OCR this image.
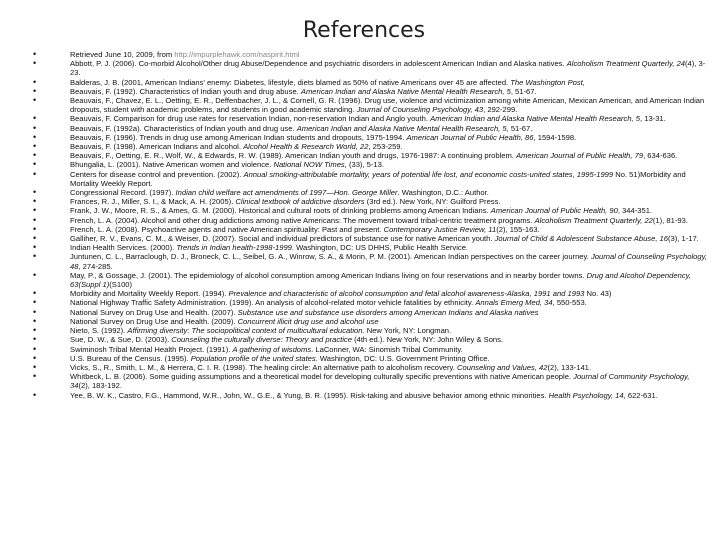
References
•	Retrieved June 10, 2009, from http://impurplehawk.com/naspirit.html
•	Abbott, P. J. (2006). Co-morbid Alcohol/Other drug Abuse/Dependence and psychiatric disorders in adolescent American Indian and Alaska natives. Alcoholism Treatment Quarterly, 24(4), 3-23.
•	Balderas, J. B. (2001, American Indians' enemy: Diabetes, lifestyle, diets blamed as 50% of native Americans over 45 are affected. The Washington Post,
•	Beauvais, F. (1992). Characteristics of Indian youth and drug abuse. American Indian and Alaska Native Mental Health Research, 5, 51-67.
•	Beauvais, F., Chavez, E. L., Oetting, E. R., Deffenbacher, J. L., & Cornell, G. R. (1996). Drug use, violence and victimization among white American, Mexican American, and American Indian dropouts, student with academic problems, and students in good academic standing. Journal of Counseling Psychology, 43, 292-299.
•	Beauvais, F. Comparison for drug use rates for reservation Indian, non-reservation Indian and Anglo youth. American Indian and Alaska Native Mental Health Research, 5, 13-31.
•	Beauvais, F. (1992a). Characteristics of Indian youth and drug use. American Indian and Alaska Native Mental Health Research, 5, 51-67.
•	Beauvais, F. (1996). Trends in drug use among American Indian students and dropouts, 1975-1994. American Journal of Public Health, 86, 1594-1598.
•	Beauvais, F. (1998). American Indians and alcohol. Alcohol Health & Research World, 22, 253-259.
•	Beauvais, F., Oetting, E. R., Wolf, W., & Edwards, R. W. (1989). American Indian youth and drugs, 1976-1987: A continuing problem. American Journal of Public Health, 79, 634-636.
•	Bhungalia, L. (2001). Native American women and violence. National NOW Times, (33), 5-13.
•	Centers for disease control and prevention. (2002). Annual smoking-attributable mortality, years of potential life lost, and economic costs-united states, 1995-1999 No. 51)Morbidity and Mortality Weekly Report.
•	Congressional Record. (1997). Indian child welfare act amendments of 1997—Hon. George Miller. Washington, D.C.: Author.
•	Frances, R. J., Miller, S. I., & Mack, A. H. (2005). Clinical textbook of addictive disorders (3rd ed.). New York, NY: Guilford Press.
•	Frank, J. W., Moore, R. S., & Ames, G. M. (2000). Historical and cultural roots of drinking problems among American Indians. American Journal of Public Health, 90, 344-351.
•	French, L. A. (2004). Alcohol and other drug addictions among native Americans: The movement toward tribal-centric treatment programs. Alcoholism Treatment Quarterly, 22(1), 81-93.
•	French, L. A. (2008). Psychoactive agents and native American spirituality: Past and present. Contemporary Justice Review, 11(2), 155-163.
•	Galliher, R. V., Evans, C. M., & Weiser, D. (2007). Social and individual predictors of substance use for native American youth. Journal of Child & Adolescent Substance Abuse, 16(3), 1-17.
•	Indian Health Services. (2000). Trends in Indian health-1998-1999. Washington, DC: US DHHS, Public Health Service.
•	Juntunen, C. L., Barraclough, D. J., Broneck, C. L., Seibel, G. A., Winrow, S. A., & Morin, P. M. (2001). American Indian perspectives on the career journey. Journal of Counseling Psychology, 48, 274-285.
•	May, P., & Gossage, J. (2001). The epidemiology of alcohol consumption among American Indians living on four reservations and in nearby border towns. Drug and Alcohol Dependency, 63(Suppl 1)(S100)
•	Morbidity and Mortality Weekly Report. (1994). Prevalence and characteristic of alcohol consumption and fetal alcohol awareness-Alaska, 1991 and 1993 No. 43)
•	National Highway Traffic Safety Administration. (1999). An analysis of alcohol-related motor vehicle fatalities by ethnicity. Annals Emerg Med, 34, 550-553.
•	National Survey on Drug Use and Health. (2007). Substance use and substance use disorders among American Indians and Alaska natives
•	National Survey on Drug Use and Health. (2009). Concurrent illicit drug use and alcohol use
•	Nieto, S. (1992). Affirming diversity: The sociopolitical context of multicultural education. New York, NY: Longman.
•	Sue, D. W., & Sue, D. (2003). Counseling the culturally diverse: Theory and practice (4th ed.). New York, NY: John Wiley & Sons.
•	Swiminosh Tribal Mental Health Project. (1991). A gathering of wisdoms. LaConner, WA: Sinomish Tribal Community.
•	U.S. Bureau of the Census. (1995). Population profile of the united states. Washington, DC: U.S. Government Printing Office.
•	Vicks, S., R., Smith, L. M., & Herrera, C. I. R. (1998). The healing circle: An alternative path to alcoholism recovery. Counseling and Values, 42(2), 133-141.
•	Whitbeck, L. B. (2006). Some guiding assumptions and a theoretical model for developing culturally specific preventions with native American people. Journal of Community Psychology, 34(2), 183-192.
•	Yee, B. W. K., Castro, F.G., Hammond, W.R., John, W., G.E., & Yung, B. R. (1995). Risk-taking and abusive behavior among ethnic minorities. Health Psychology, 14, 622-631.
